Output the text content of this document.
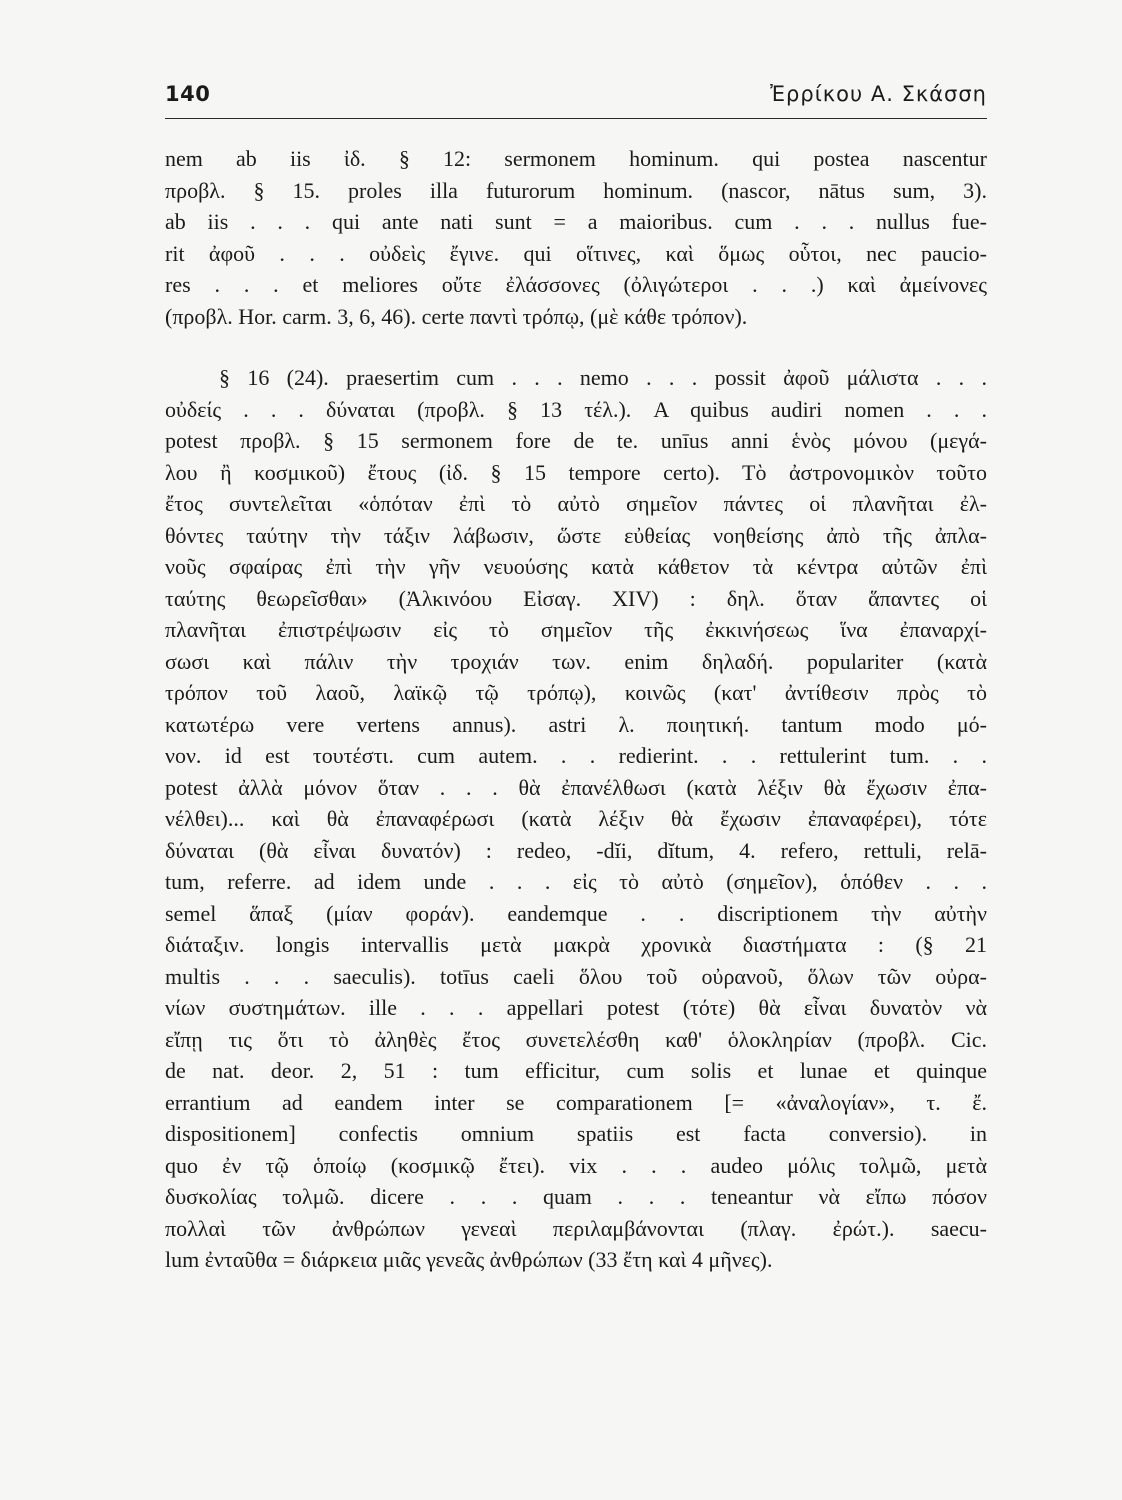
140	Ἐρρίκου Α. Σκάσση
nem ab iis ἰδ. § 12: sermonem hominum. qui postea nascentur
προβλ. § 15. proles illa futurorum hominum. (nascor, nātus sum, 3).
ab iis . . . qui ante nati sunt = a maioribus. cum . . . nullus fue-
rit ἀφοῦ . . . οὐδεὶς ἔγινε. qui οἵτινες, καὶ ὅμως οὗτοι, nec paucio-
res . . . et meliores οὔτε ἐλάσσονες (ὀλιγώτεροι . . .) καὶ ἀμείνονες
(προβλ. Hor. carm. 3, 6, 46). certe παντὶ τρόπῳ, (μὲ κάθε τρόπον).
§ 16 (24). praesertim cum . . . nemo . . . possit ἀφοῦ μάλιστα . . .
οὐδείς . . . δύναται (προβλ. § 13 τέλ.). A quibus audiri nomen . . .
potest προβλ. § 15 sermonem fore de te. unīus anni ἑνὸς μόνου (μεγά-
λου ἢ κοσμικοῦ) ἔτους (ἰδ. § 15 tempore certo). Τὸ ἀστρονομικὸν τοῦτο
ἔτος συντελεῖται «ὁπόταν ἐπὶ τὸ αὐτὸ σημεῖον πάντες οἱ πλανῆται ἐλ-
θόντες ταύτην τὴν τάξιν λάβωσιν, ὥστε εὐθείας νοηθείσης ἀπὸ τῆς ἀπλα-
νοῦς σφαίρας ἐπὶ τὴν γῆν νευούσης κατὰ κάθετον τὰ κέντρα αὐτῶν ἐπὶ
ταύτης θεωρεῖσθαι» (Ἀλκινόου Εἰσαγ. XIV) : δηλ. ὅταν ἅπαντες οἱ
πλανῆται ἐπιστρέψωσιν εἰς τὸ σημεῖον τῆς ἐκκινήσεως ἵνα ἐπαναρχί-
σωσι καὶ πάλιν τὴν τροχιάν των. enim δηλαδή. populariter (κατὰ
τρόπον τοῦ λαοῦ, λαϊκῷ τῷ τρόπῳ), κοινῶς (κατ' ἀντίθεσιν πρὸς τὸ
κατωτέρω vere vertens annus). astri λ. ποιητική. tantum modo μό-
νον. id est τουτέστι. cum autem. . . redierint. . . rettulerint tum. . .
potest ἀλλὰ μόνον ὅταν . . . θὰ ἐπανέλθωσι (κατὰ λέξιν θὰ ἔχωσιν ἐπα-
νέλθει)... καὶ θὰ ἐπαναφέρωσι (κατὰ λέξιν θὰ ἔχωσιν ἐπαναφέρει), τότε
δύναται (θὰ εἶναι δυνατόν) : redeo, -dĭi, dĭtum, 4. refero, rettuli, relā-
tum, referre. ad idem unde . . . εἰς τὸ αὐτὸ (σημεῖον), ὁπόθεν . . .
semel ἅπαξ (μίαν φοράν). eandemque . . discriptionem τὴν αὐτὴν
διάταξιν. longis intervallis μετὰ μακρὰ χρονικὰ διαστήματα : (§ 21
multis . . . saeculis). totīus caeli ὅλου τοῦ οὐρανοῦ, ὅλων τῶν οὐρα-
νίων συστημάτων. ille . . . appellari potest (τότε) θὰ εἶναι δυνατὸν νὰ
εἴπῃ τις ὅτι τὸ ἀληθὲς ἔτος συνετελέσθη καθ' ὁλοκληρίαν (προβλ. Cic.
de nat. deor. 2, 51 : tum efficitur, cum solis et lunae et quinque
errantium ad eandem inter se comparationem [= «ἀναλογίαν», τ. ἔ.
dispositionem] confectis omnium spatiis est facta conversio). in
quo ἐν τῷ ὁποίῳ (κοσμικῷ ἔτει). vix . . . audeo μόλις τολμῶ, μετὰ
δυσκολίας τολμῶ. dicere . . . quam . . . teneantur νὰ εἴπω πόσον
πολλαὶ τῶν ἀνθρώπων γενεαὶ περιλαμβάνονται (πλαγ. ἐρώτ.). saecu-
lum ἐνταῦθα = διάρκεια μιᾶς γενεᾶς ἀνθρώπων (33 ἔτη καὶ 4 μῆνες).
